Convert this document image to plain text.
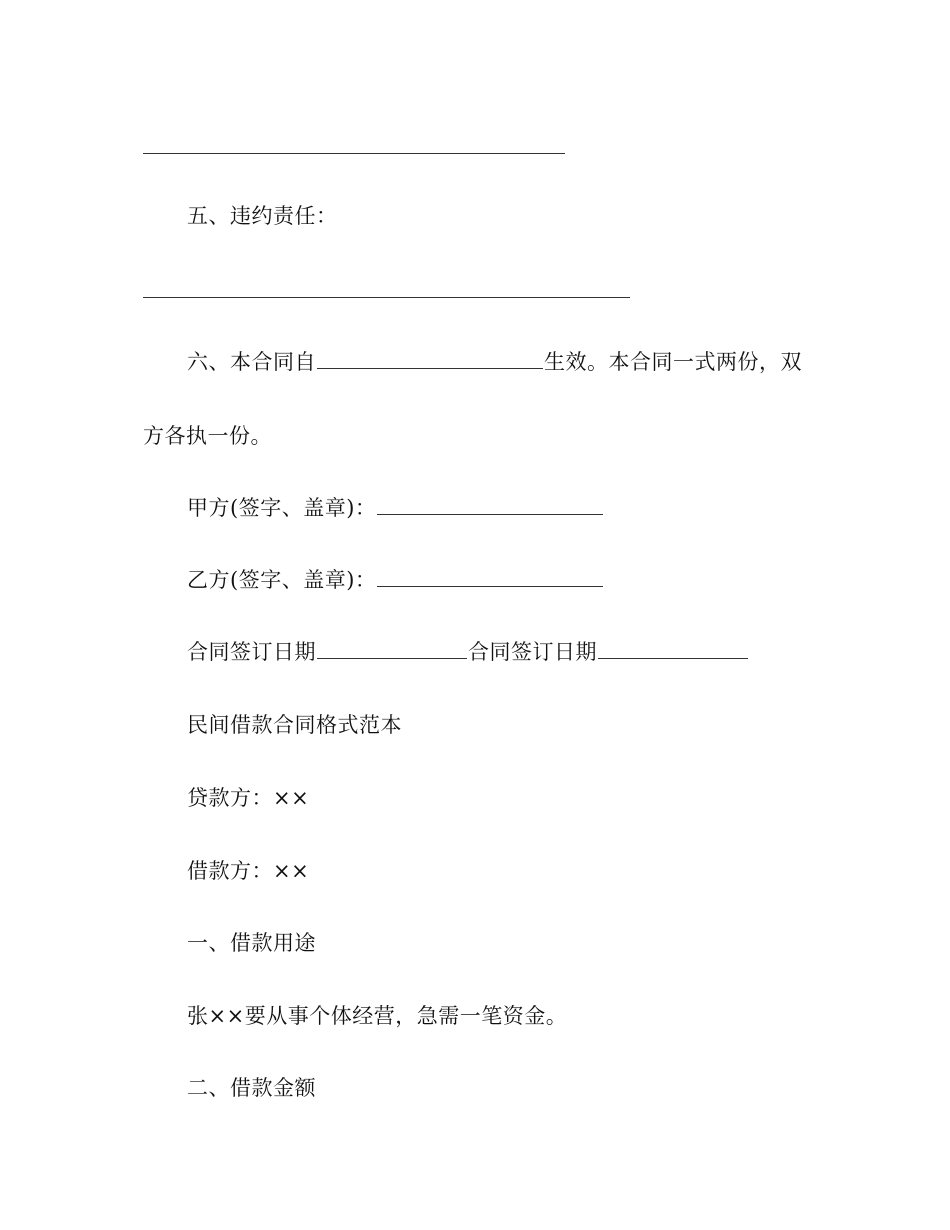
五、违约责任：
六、本合同自	生效。本合同一式两份，双
方各执一份。
甲方(签字、盖章)：
乙方(签字、盖章)：
合同签订日期	合同签订日期
民间借款合同格式范本
贷款方：××
借款方：××
一、借款用途
张××要从事个体经营，急需一笔资金。
二、借款金额
